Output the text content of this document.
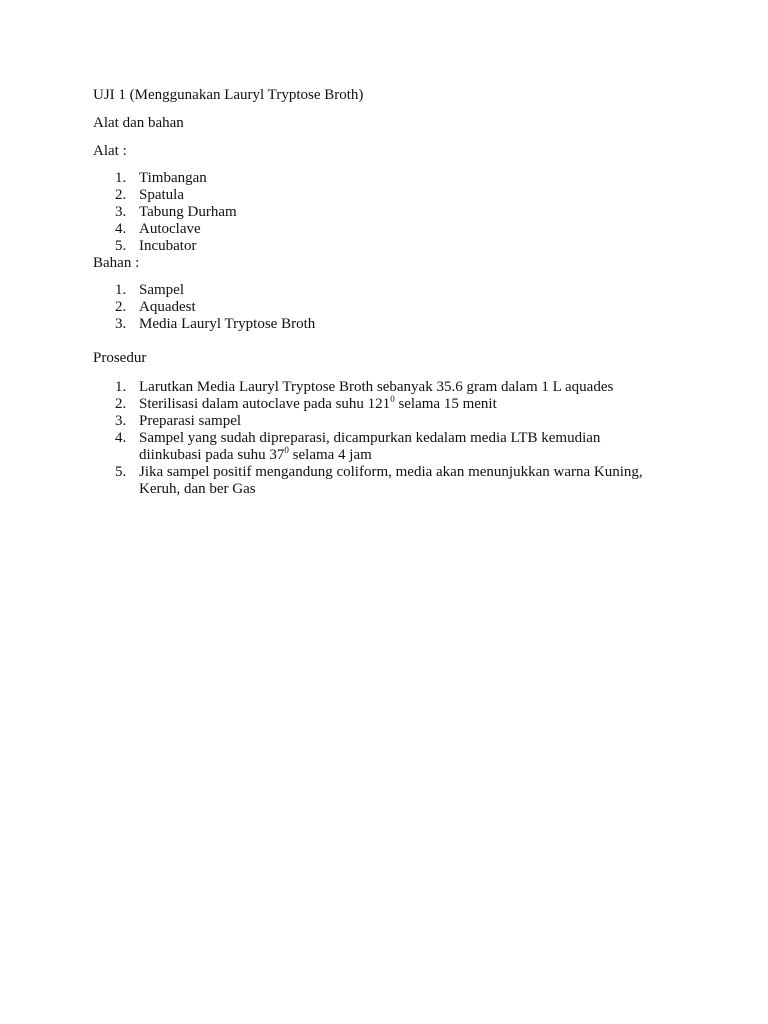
UJI 1 (Menggunakan Lauryl Tryptose Broth)

Alat dan bahan

Alat :

1. Timbangan
2. Spatula
3. Tabung Durham
4. Autoclave
5. Incubator

Bahan :

1. Sampel
2. Aquadest
3. Media Lauryl Tryptose Broth

Prosedur

1. Larutkan Media Lauryl Tryptose Broth sebanyak 35.6 gram dalam 1 L aquades
2. Sterilisasi dalam autoclave pada suhu $121^0$ selama 15 menit
3. Preparasi sampel
4. Sampel yang sudah dipreparasi, dicampurkan kedalam media LTB kemudian
diinkubasi pada suhu $37^0$ selama 4 jam
5. Jika sampel positif mengandung coliform, media akan menunjukkan warna Kuning,
Keruh, dan ber Gas
